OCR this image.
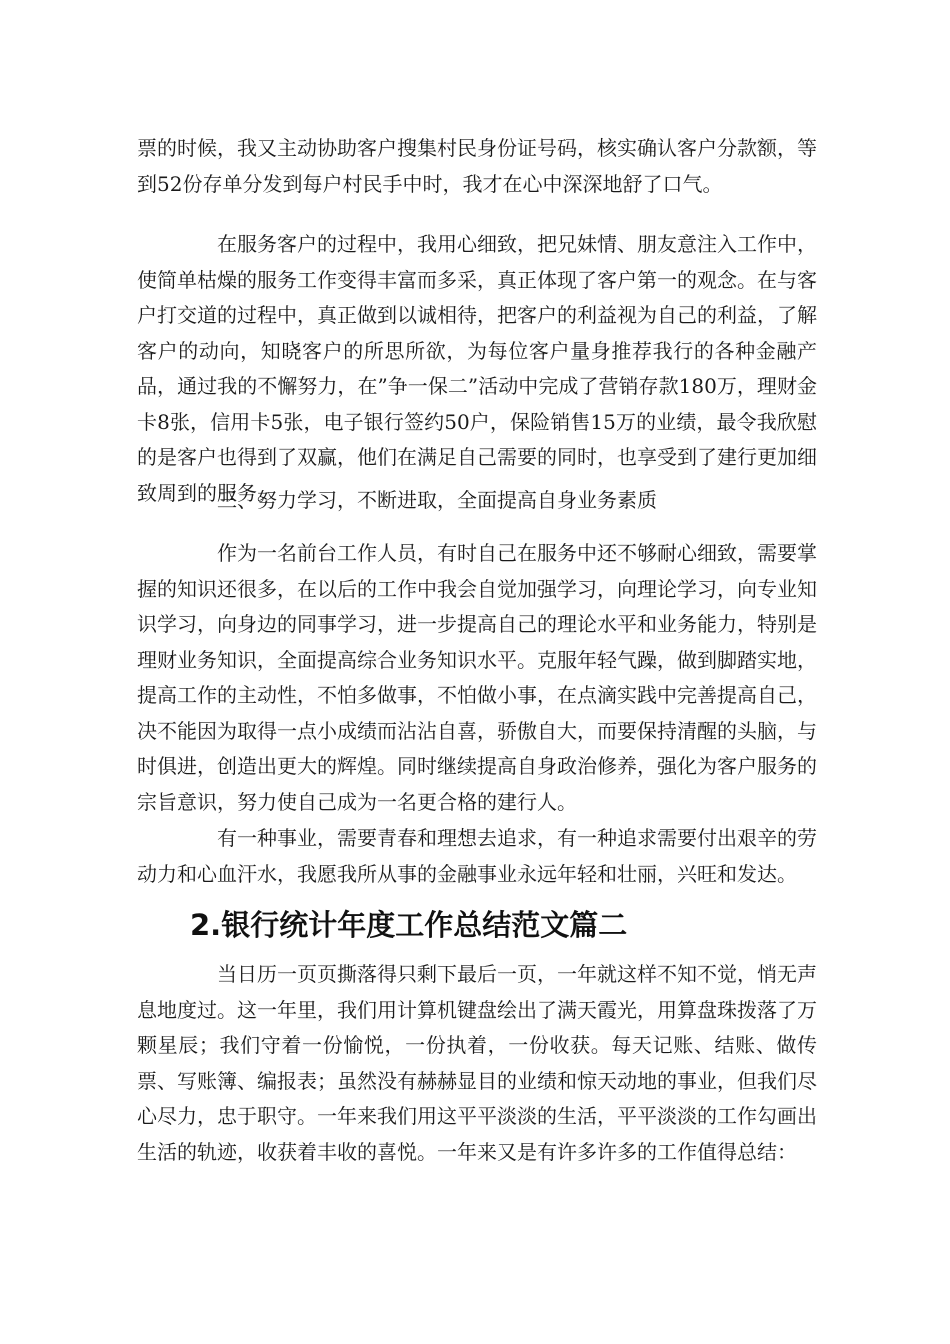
票的时候，我又主动协助客户搜集村民身份证号码，核实确认客户分款额，等到52份存单分发到每户村民手中时，我才在心中深深地舒了口气。

在服务客户的过程中，我用心细致，把兄妹情、朋友意注入工作中，使简单枯燥的服务工作变得丰富而多采，真正体现了客户第一的观念。在与客户打交道的过程中，真正做到以诚相待，把客户的利益视为自己的利益，了解客户的动向，知晓客户的所思所欲，为每位客户量身推荐我行的各种金融产品，通过我的不懈努力，在”争一保二”活动中完成了营销存款180万，理财金卡8张，信用卡5张，电子银行签约50户，保险销售15万的业绩，最令我欣慰的是客户也得到了双赢，他们在满足自己需要的同时，也享受到了建行更加细致周到的服务。

三、努力学习，不断进取，全面提高自身业务素质

作为一名前台工作人员，有时自己在服务中还不够耐心细致，需要掌握的知识还很多，在以后的工作中我会自觉加强学习，向理论学习，向专业知识学习，向身边的同事学习，进一步提高自己的理论水平和业务能力，特别是理财业务知识，全面提高综合业务知识水平。克服年轻气躁，做到脚踏实地，提高工作的主动性，不怕多做事，不怕做小事，在点滴实践中完善提高自己，决不能因为取得一点小成绩而沾沾自喜，骄傲自大，而要保持清醒的头脑，与时俱进，创造出更大的辉煌。同时继续提高自身政治修养，强化为客户服务的宗旨意识，努力使自己成为一名更合格的建行人。

有一种事业，需要青春和理想去追求，有一种追求需要付出艰辛的劳动力和心血汗水，我愿我所从事的金融事业永远年轻和壮丽，兴旺和发达。

2.银行统计年度工作总结范文篇二

当日历一页页撕落得只剩下最后一页，一年就这样不知不觉，悄无声息地度过。这一年里，我们用计算机键盘绘出了满天霞光，用算盘珠拨落了万颗星辰；我们守着一份愉悦，一份执着，一份收获。每天记账、结账、做传票、写账簿、编报表；虽然没有赫赫显目的业绩和惊天动地的事业，但我们尽心尽力，忠于职守。一年来我们用这平平淡淡的生活，平平淡淡的工作勾画出生活的轨迹，收获着丰收的喜悦。一年来又是有许多许多的工作值得总结：
